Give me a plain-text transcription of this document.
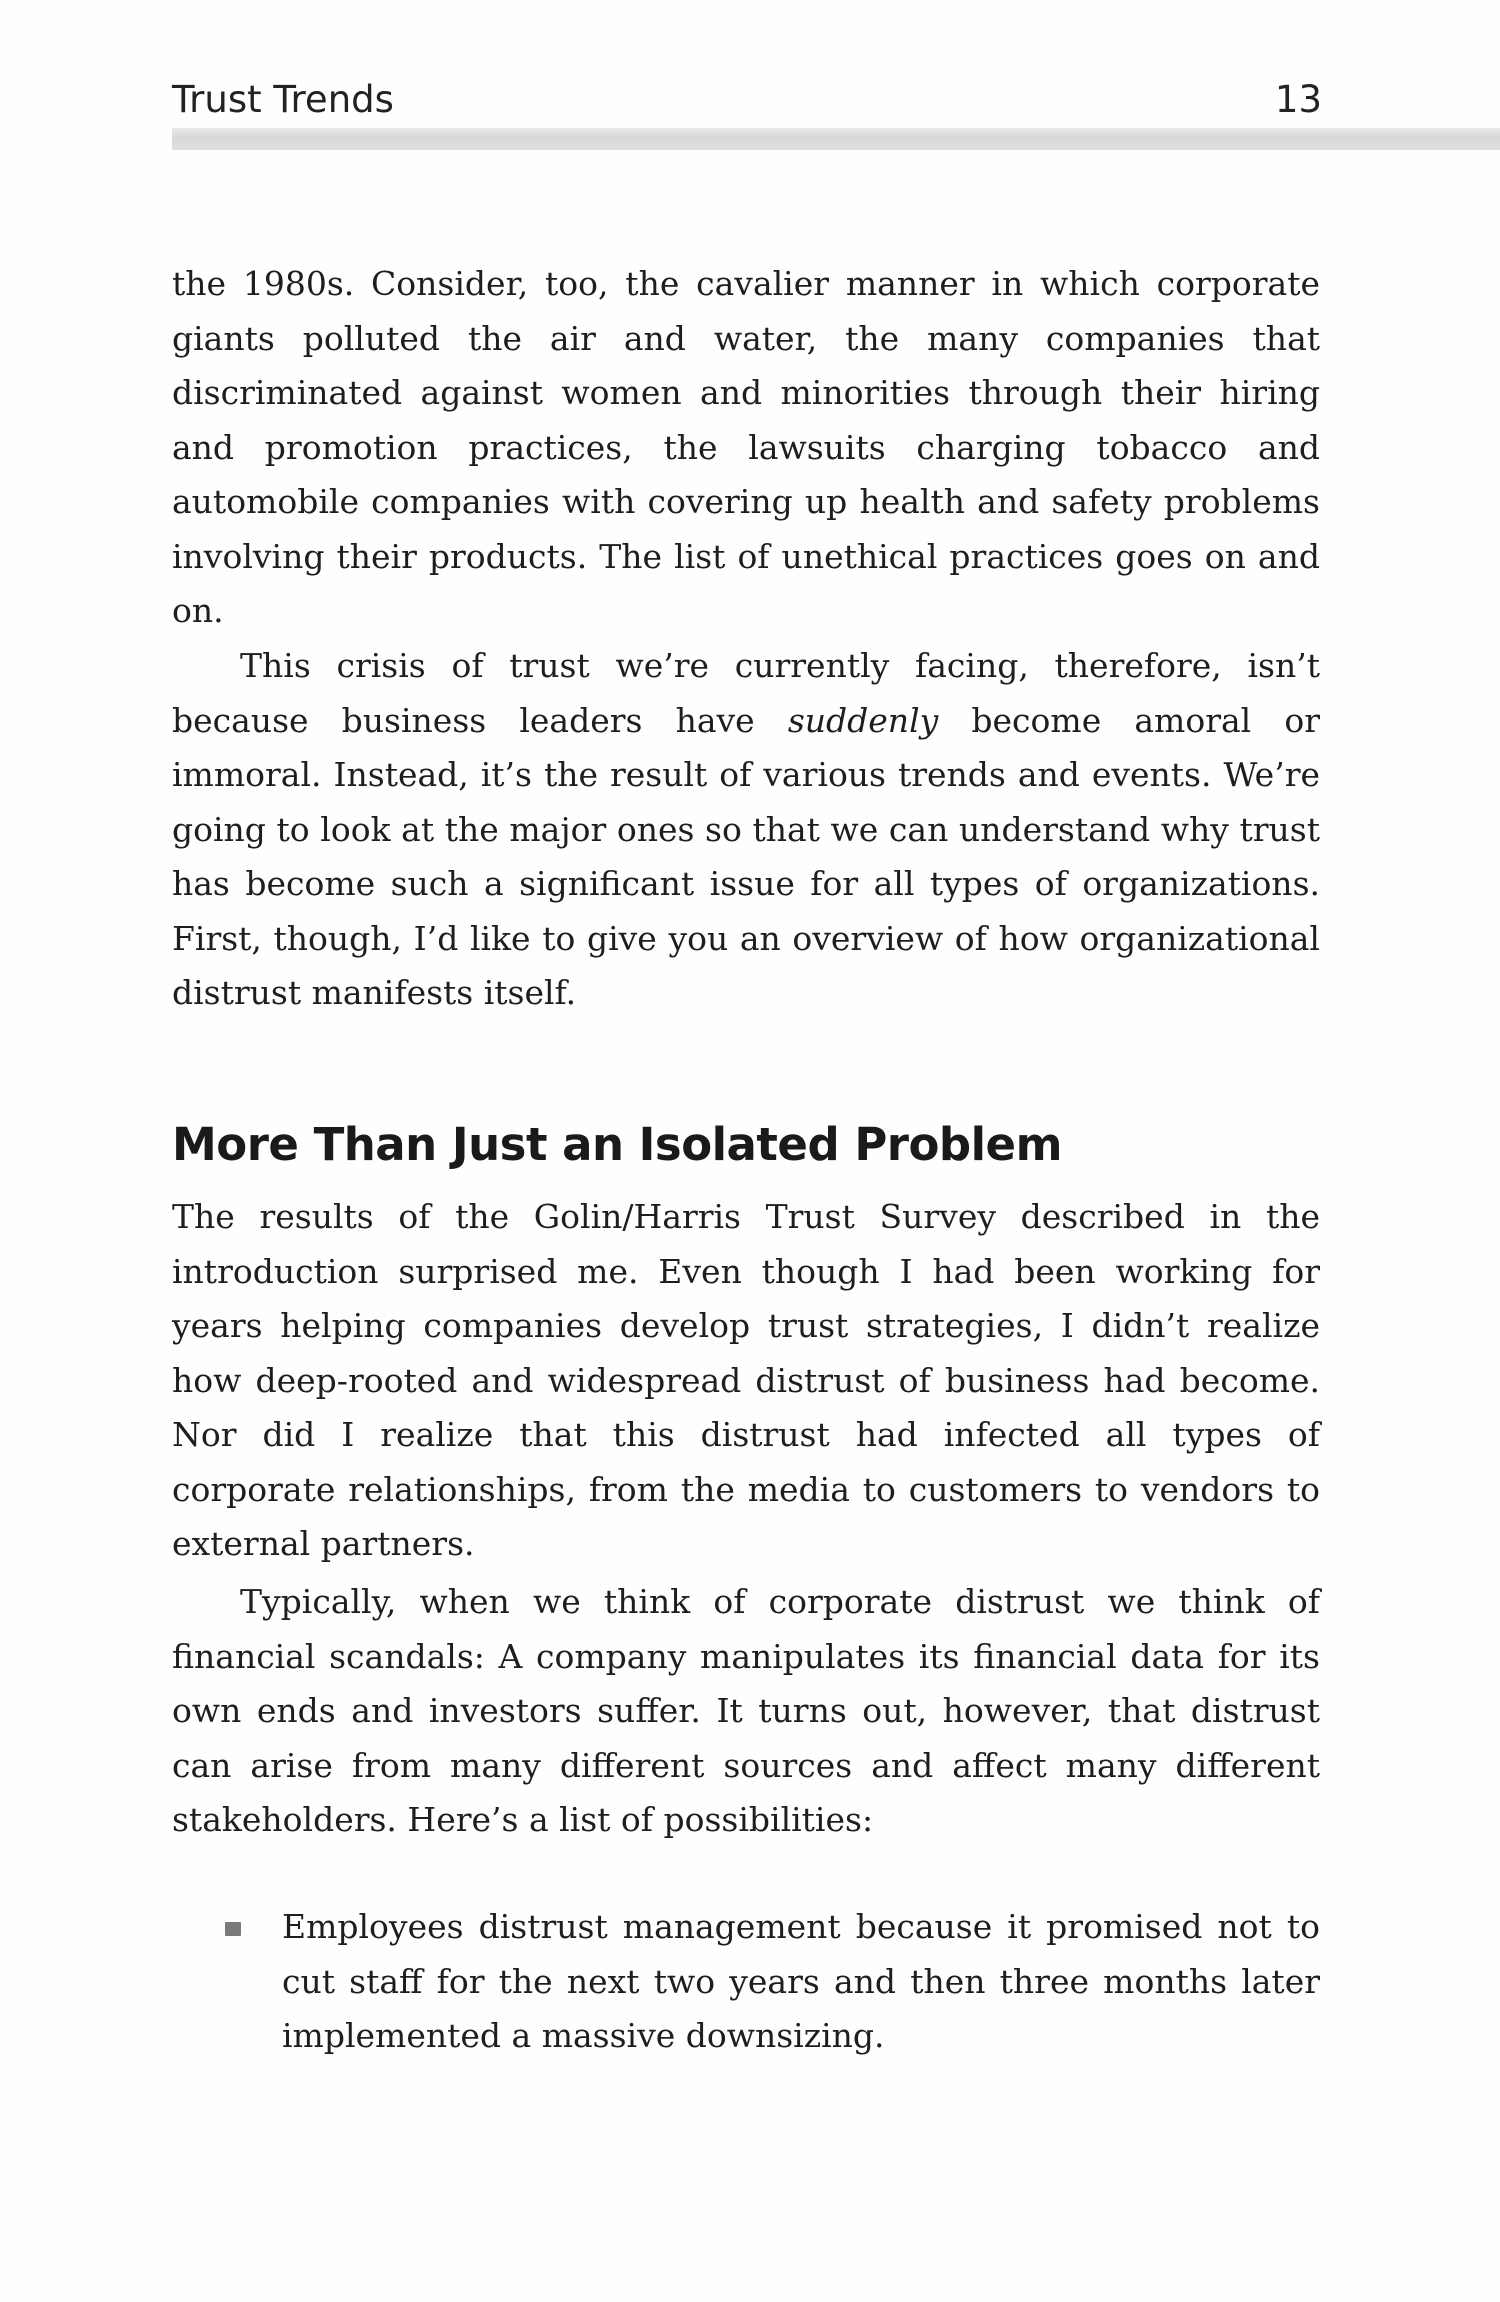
Trust Trends	13

the 1980s. Consider, too, the cavalier manner in which corporate giants polluted the air and water, the many companies that discriminated against women and minorities through their hiring and promotion practices, the lawsuits charging tobacco and automobile companies with covering up health and safety problems involving their products. The list of unethical practices goes on and on.

This crisis of trust we’re currently facing, therefore, isn’t because business leaders have suddenly become amoral or immoral. Instead, it’s the result of various trends and events. We’re going to look at the major ones so that we can understand why trust has become such a significant issue for all types of organizations. First, though, I’d like to give you an overview of how organizational distrust manifests itself.

More Than Just an Isolated Problem

The results of the Golin/Harris Trust Survey described in the introduction surprised me. Even though I had been working for years helping companies develop trust strategies, I didn’t realize how deep-rooted and widespread distrust of business had become. Nor did I realize that this distrust had infected all types of corporate relationships, from the media to customers to vendors to external partners.

Typically, when we think of corporate distrust we think of financial scandals: A company manipulates its financial data for its own ends and investors suffer. It turns out, however, that distrust can arise from many different sources and affect many different stakeholders. Here’s a list of possibilities:

Employees distrust management because it promised not to cut staff for the next two years and then three months later implemented a massive downsizing.
